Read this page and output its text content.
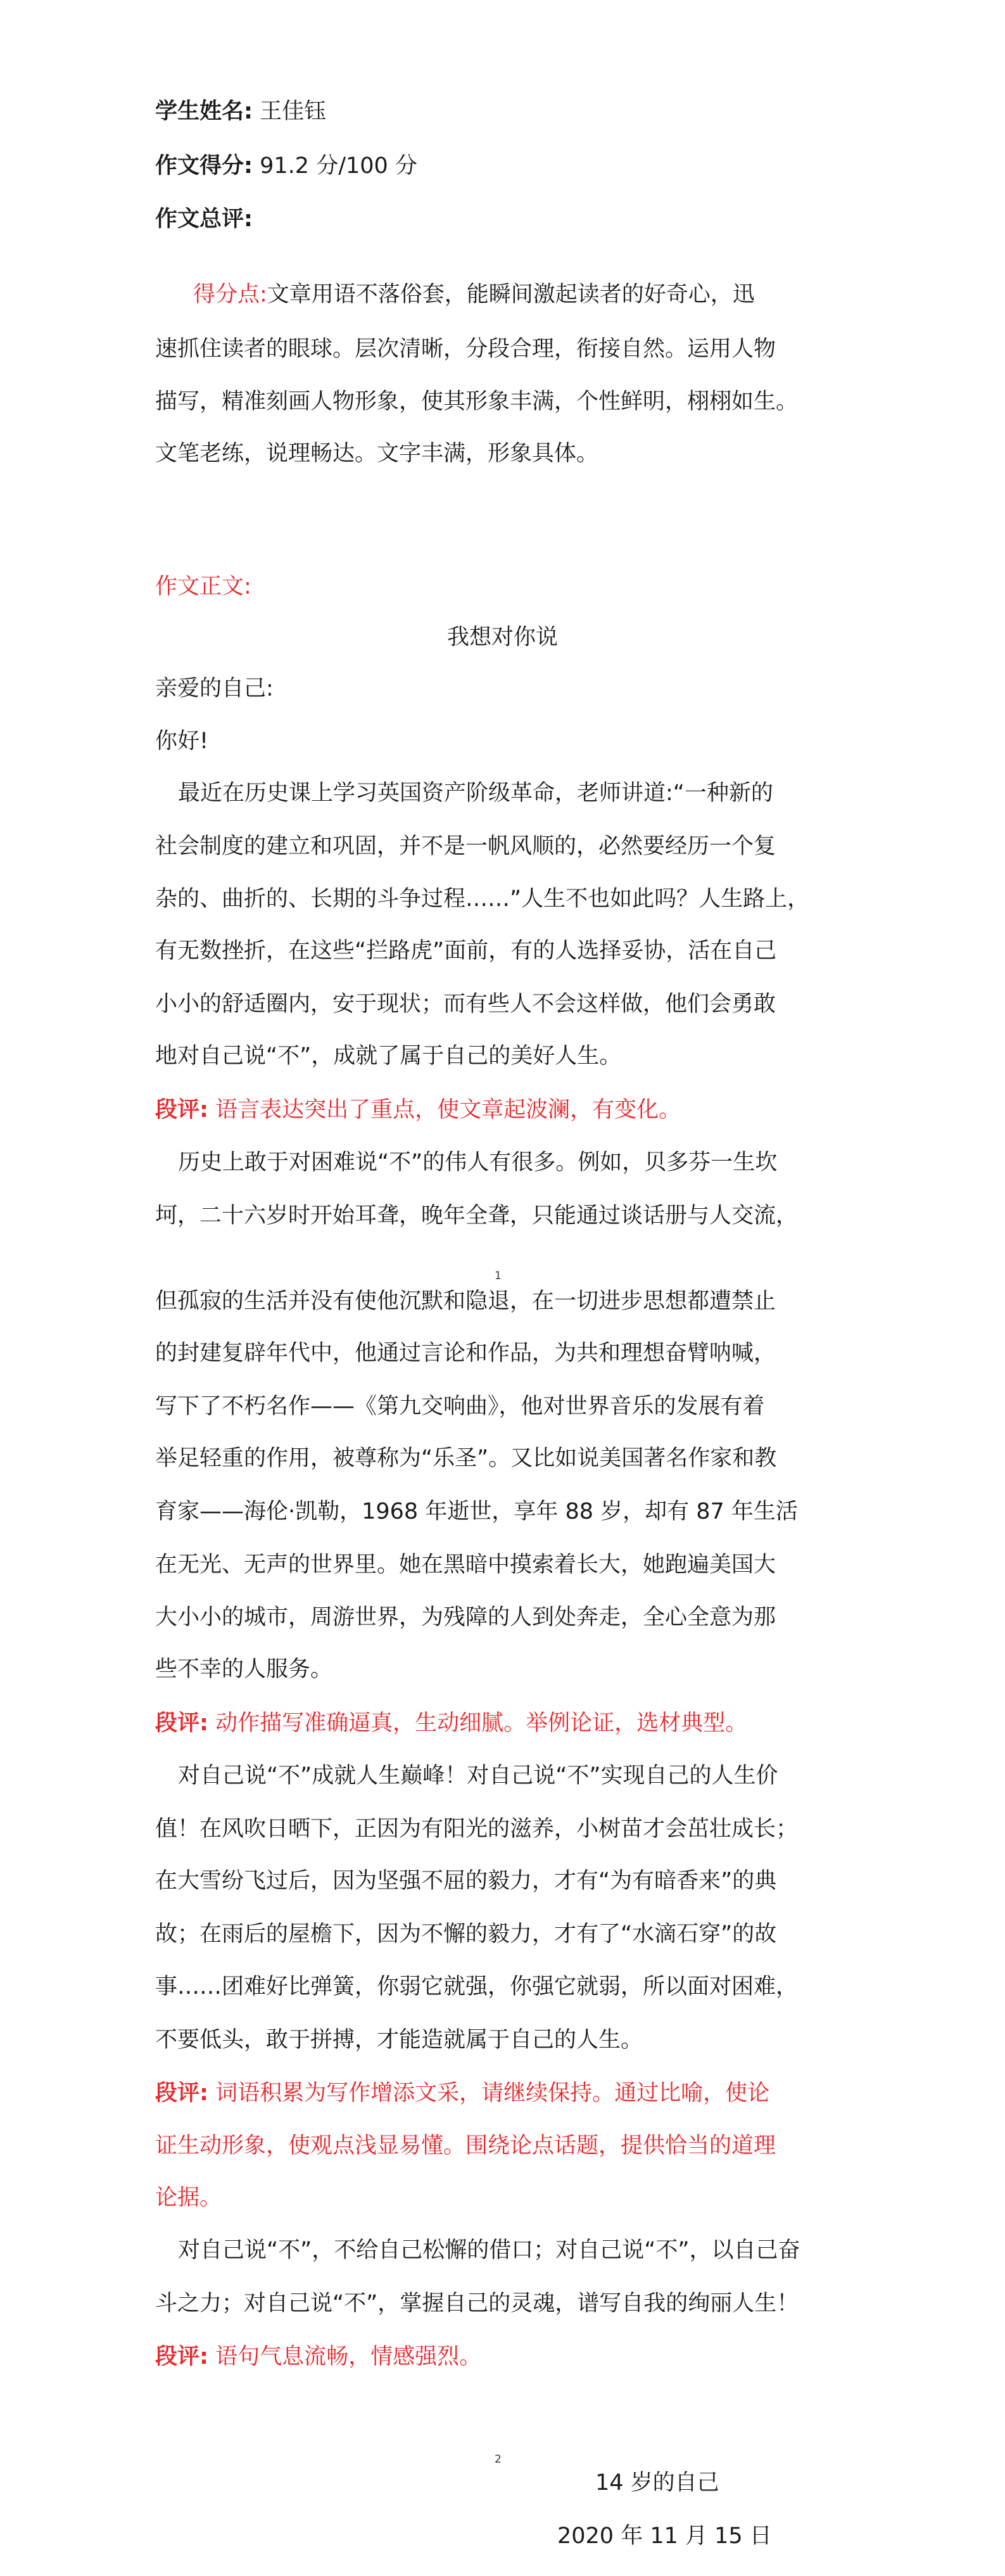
学生姓名: 王佳钰
作文得分: 91.2 分/100 分
作文总评:
得分点:文章用语不落俗套，能瞬间激起读者的好奇心，迅
速抓住读者的眼球。层次清晰，分段合理，衔接自然。运用人物
描写，精准刻画人物形象，使其形象丰满，个性鲜明，栩栩如生。
文笔老练，说理畅达。文字丰满，形象具体。
作文正文:
我想对你说
亲爱的自己:
你好!
最近在历史课上学习英国资产阶级革命，老师讲道:“一种新的
社会制度的建立和巩固，并不是一帆风顺的，必然要经历一个复
杂的、曲折的、长期的斗争过程……”人生不也如此吗？人生路上，
有无数挫折，在这些“拦路虎”面前，有的人选择妥协，活在自己
小小的舒适圈内，安于现状；而有些人不会这样做，他们会勇敢
地对自己说“不”，成就了属于自己的美好人生。
段评: 语言表达突出了重点，使文章起波澜，有变化。
历史上敢于对困难说“不”的伟人有很多。例如，贝多芬一生坎
坷，二十六岁时开始耳聋，晚年全聋，只能通过谈话册与人交流，
1
但孤寂的生活并没有使他沉默和隐退，在一切进步思想都遭禁止
的封建复辟年代中，他通过言论和作品，为共和理想奋臂呐喊，
写下了不朽名作——《第九交响曲》，他对世界音乐的发展有着
举足轻重的作用，被尊称为“乐圣”。又比如说美国著名作家和教
育家——海伦·凯勒，1968 年逝世，享年 88 岁，却有 87 年生活
在无光、无声的世界里。她在黑暗中摸索着长大，她跑遍美国大
大小小的城市，周游世界，为残障的人到处奔走，全心全意为那
些不幸的人服务。
段评: 动作描写准确逼真，生动细腻。举例论证，选材典型。
对自己说“不”成就人生巅峰！对自己说“不”实现自己的人生价
值！在风吹日晒下，正因为有阳光的滋养，小树苗才会茁壮成长；
在大雪纷飞过后，因为坚强不屈的毅力，才有“为有暗香来”的典
故；在雨后的屋檐下，因为不懈的毅力，才有了“水滴石穿”的故
事……团难好比弹簧，你弱它就强，你强它就弱，所以面对困难，
不要低头，敢于拼搏，才能造就属于自己的人生。
段评: 词语积累为写作增添文采，请继续保持。通过比喻，使论
证生动形象，使观点浅显易懂。围绕论点话题，提供恰当的道理
论据。
对自己说“不”，不给自己松懈的借口；对自己说“不”，以自己奋
斗之力；对自己说“不”，掌握自己的灵魂，谱写自我的绚丽人生！
段评: 语句气息流畅，情感强烈。
2
14 岁的自己
2020 年 11 月 15 日
